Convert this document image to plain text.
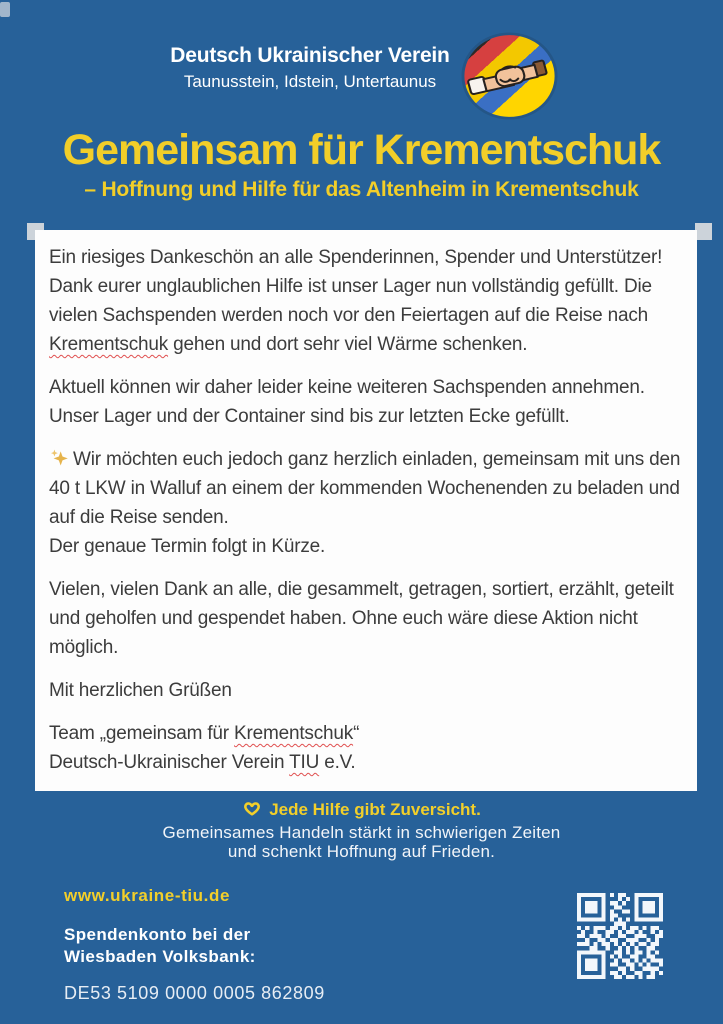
Deutsch Ukrainischer Verein
Taunusstein, Idstein, Untertaunus
Gemeinsam für Krementschuk
– Hoffnung und Hilfe für das Altenheim in Krementschuk

Ein riesiges Dankeschön an alle Spenderinnen, Spender und Unterstützer! Dank eurer unglaublichen Hilfe ist unser Lager nun vollständig gefüllt. Die vielen Sachspenden werden noch vor den Feiertagen auf die Reise nach Krementschuk gehen und dort sehr viel Wärme schenken.

Aktuell können wir daher leider keine weiteren Sachspenden annehmen. Unser Lager und der Container sind bis zur letzten Ecke gefüllt.

Wir möchten euch jedoch ganz herzlich einladen, gemeinsam mit uns den 40 t LKW in Walluf an einem der kommenden Wochenenden zu beladen und auf die Reise senden.
Der genaue Termin folgt in Kürze.

Vielen, vielen Dank an alle, die gesammelt, getragen, sortiert, erzählt, geteilt und geholfen und gespendet haben. Ohne euch wäre diese Aktion nicht möglich.

Mit herzlichen Grüßen

Team „gemeinsam für Krementschuk“
Deutsch-Ukrainischer Verein TIU e.V.

Jede Hilfe gibt Zuversicht.
Gemeinsames Handeln stärkt in schwierigen Zeiten
und schenkt Hoffnung auf Frieden.
www.ukraine-tiu.de
Spendenkonto bei der
Wiesbaden Volksbank:
DE53 5109 0000 0005 862809
